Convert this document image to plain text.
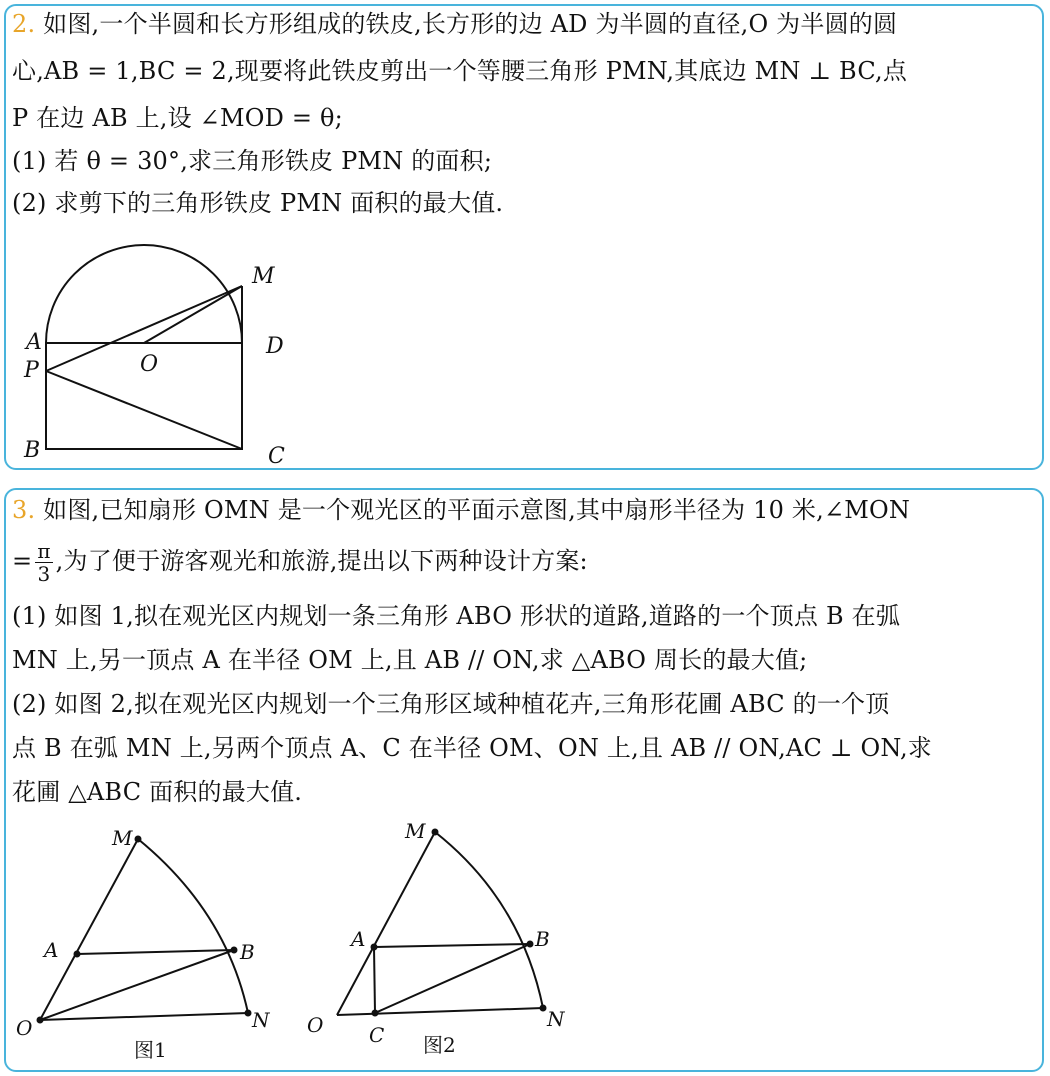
2. 如图,一个半圆和长方形组成的铁皮,长方形的边 AD 为半圆的直径,O 为半圆的圆
心,AB = 1,BC = 2,现要将此铁皮剪出一个等腰三角形 PMN,其底边 MN ⊥ BC,点
P 在边 AB 上,设 ∠MOD = θ;
(1) 若 θ = 30°,求三角形铁皮 PMN 的面积;
(2) 求剪下的三角形铁皮 PMN 面积的最大值.
M
A	D
P	O
B	C
3. 如图,已知扇形 OMN 是一个观光区的平面示意图,其中扇形半径为 10 米,∠MON
= $\frac{\pi}{3}$ ,为了便于游客观光和旅游,提出以下两种设计方案:
(1) 如图 1,拟在观光区内规划一条三角形 ABO 形状的道路,道路的一个顶点 B 在弧
MN 上,另一顶点 A 在半径 OM 上,且 AB // ON,求 △ABO 周长的最大值;
(2) 如图 2,拟在观光区内规划一个三角形区域种植花卉,三角形花圃 ABC 的一个顶
点 B 在弧 MN 上,另两个顶点 A、C 在半径 OM、ON 上,且 AB // ON,AC ⊥ ON,求
花圃 △ABC 面积的最大值.
M
A	B
O	N
图1
M
A	B
O C
N
图2
